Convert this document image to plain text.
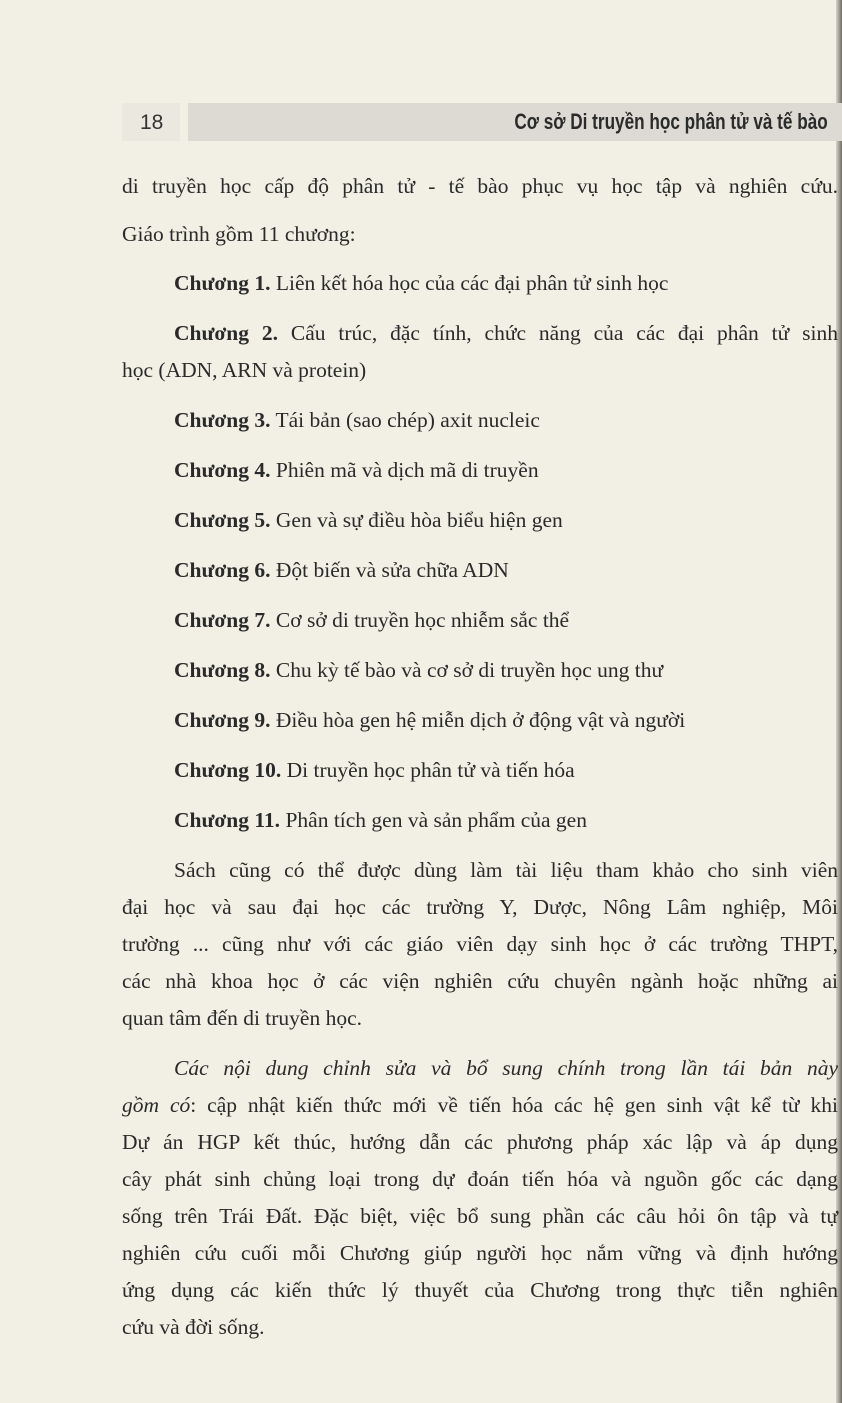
18	Cơ sở Di truyền học phân tử và tế bào
di truyền học cấp độ phân tử - tế bào phục vụ học tập và nghiên cứu.
Giáo trình gồm 11 chương:
Chương 1. Liên kết hóa học của các đại phân tử sinh học
Chương 2. Cấu trúc, đặc tính, chức năng của các đại phân tử sinh
học (ADN, ARN và protein)
Chương 3. Tái bản (sao chép) axit nucleic
Chương 4. Phiên mã và dịch mã di truyền
Chương 5. Gen và sự điều hòa biểu hiện gen
Chương 6. Đột biến và sửa chữa ADN
Chương 7. Cơ sở di truyền học nhiễm sắc thể
Chương 8. Chu kỳ tế bào và cơ sở di truyền học ung thư
Chương 9. Điều hòa gen hệ miễn dịch ở động vật và người
Chương 10. Di truyền học phân tử và tiến hóa
Chương 11. Phân tích gen và sản phẩm của gen
Sách cũng có thể được dùng làm tài liệu tham khảo cho sinh viên
đại học và sau đại học các trường Y, Dược, Nông Lâm nghiệp, Môi
trường ... cũng như với các giáo viên dạy sinh học ở các trường THPT,
các nhà khoa học ở các viện nghiên cứu chuyên ngành hoặc những ai
quan tâm đến di truyền học.
Các nội dung chỉnh sửa và bổ sung chính trong lần tái bản này
gồm có: cập nhật kiến thức mới về tiến hóa các hệ gen sinh vật kể từ khi
Dự án HGP kết thúc, hướng dẫn các phương pháp xác lập và áp dụng
cây phát sinh chủng loại trong dự đoán tiến hóa và nguồn gốc các dạng
sống trên Trái Đất. Đặc biệt, việc bổ sung phần các câu hỏi ôn tập và tự
nghiên cứu cuối mỗi Chương giúp người học nắm vững và định hướng
ứng dụng các kiến thức lý thuyết của Chương trong thực tiễn nghiên
cứu và đời sống.
